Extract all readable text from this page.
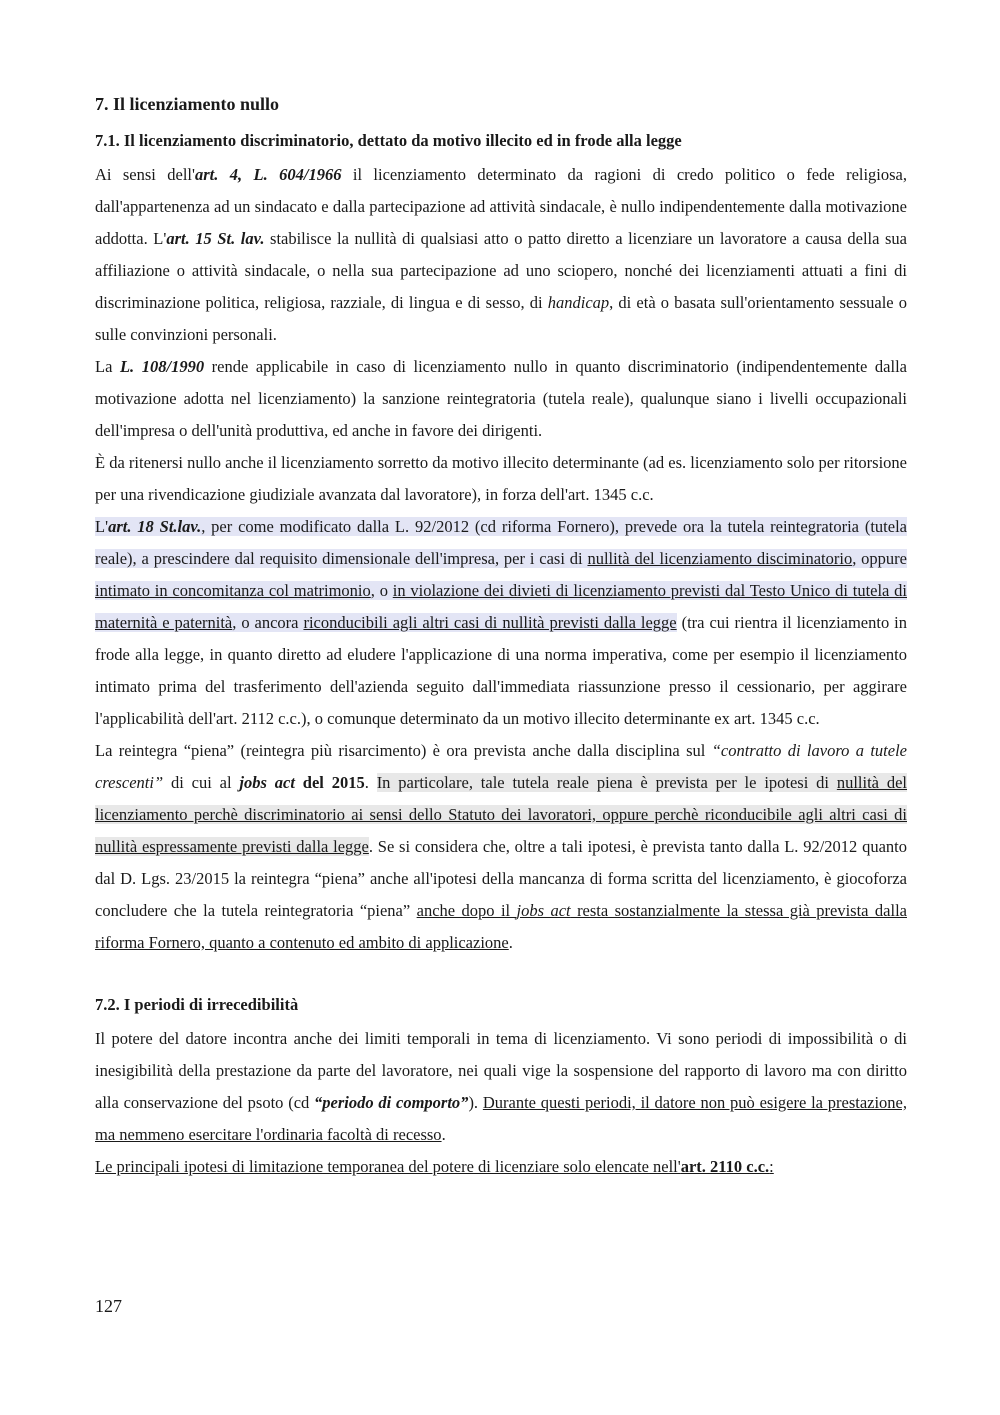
7. Il licenziamento nullo
7.1. Il licenziamento discriminatorio, dettato da motivo illecito ed in frode alla legge

Ai sensi dell'art. 4, L. 604/1966 il licenziamento determinato da ragioni di credo politico o fede religiosa, dall'appartenenza ad un sindacato e dalla partecipazione ad attività sindacale, è nullo indipendentemente dalla motivazione addotta. L'art. 15 St. lav. stabilisce la nullità di qualsiasi atto o patto diretto a licenziare un lavoratore a causa della sua affiliazione o attività sindacale, o nella sua partecipazione ad uno sciopero, nonché dei licenziamenti attuati a fini di discriminazione politica, religiosa, razziale, di lingua e di sesso, di handicap, di età o basata sull'orientamento sessuale o sulle convinzioni personali.

La L. 108/1990 rende applicabile in caso di licenziamento nullo in quanto discriminatorio (indipendentemente dalla motivazione adotta nel licenziamento) la sanzione reintegratoria (tutela reale), qualunque siano i livelli occupazionali dell'impresa o dell'unità produttiva, ed anche in favore dei dirigenti.

È da ritenersi nullo anche il licenziamento sorretto da motivo illecito determinante (ad es. licenziamento solo per ritorsione per una rivendicazione giudiziale avanzata dal lavoratore), in forza dell'art. 1345 c.c.

L'art. 18 St.lav., per come modificato dalla L. 92/2012 (cd riforma Fornero), prevede ora la tutela reintegratoria (tutela reale), a prescindere dal requisito dimensionale dell'impresa, per i casi di nullità del licenziamento disciminatorio, oppure intimato in concomitanza col matrimonio, o in violazione dei divieti di licenziamento previsti dal Testo Unico di tutela di maternità e paternità, o ancora riconducibili agli altri casi di nullità previsti dalla legge (tra cui rientra il licenziamento in frode alla legge, in quanto diretto ad eludere l'applicazione di una norma imperativa, come per esempio il licenziamento intimato prima del trasferimento dell'azienda seguito dall'immediata riassunzione presso il cessionario, per aggirare l'applicabilità dell'art. 2112 c.c.), o comunque determinato da un motivo illecito determinante ex art. 1345 c.c.

La reintegra “piena” (reintegra più risarcimento) è ora prevista anche dalla disciplina sul “contratto di lavoro a tutele crescenti” di cui al jobs act del 2015. In particolare, tale tutela reale piena è prevista per le ipotesi di nullità del licenziamento perchè discriminatorio ai sensi dello Statuto dei lavoratori, oppure perchè riconducibile agli altri casi di nullità espressamente previsti dalla legge. Se si considera che, oltre a tali ipotesi, è prevista tanto dalla L. 92/2012 quanto dal D. Lgs. 23/2015 la reintegra “piena” anche all'ipotesi della mancanza di forma scritta del licenziamento, è giocoforza concludere che la tutela reintegratoria “piena” anche dopo il jobs act resta sostanzialmente la stessa già prevista dalla riforma Fornero, quanto a contenuto ed ambito di applicazione.

7.2. I periodi di irrecedibilità

Il potere del datore incontra anche dei limiti temporali in tema di licenziamento. Vi sono periodi di impossibilità o di inesigibilità della prestazione da parte del lavoratore, nei quali vige la sospensione del rapporto di lavoro ma con diritto alla conservazione del psoto (cd “periodo di comporto”). Durante questi periodi, il datore non può esigere la prestazione, ma nemmeno esercitare l'ordinaria facoltà di recesso.

Le principali ipotesi di limitazione temporanea del potere di licenziare solo elencate nell'art. 2110 c.c.:

127
